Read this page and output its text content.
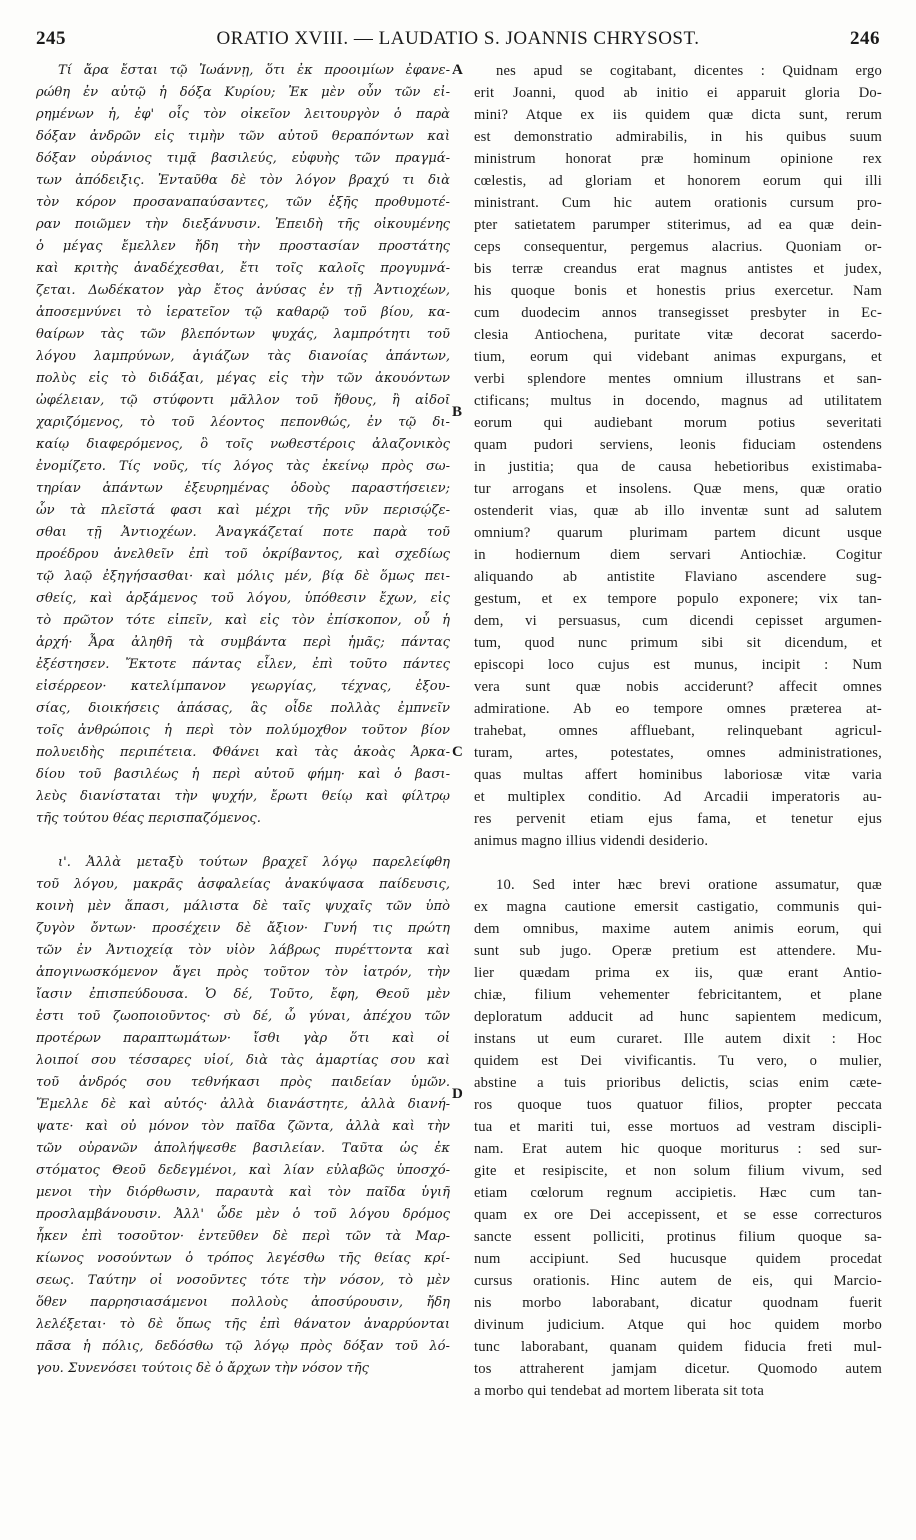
245	ORATIO XVIII. — LAUDATIO S. JOANNIS CHRYSOST.	246
Τί ἄρα ἔσται τῷ Ἰωάννῃ, ὅτι ἐκ προοιμίων ἐφανε-
ρώθη ἐν αὐτῷ ἡ δόξα Κυρίου; Ἐκ μὲν οὖν τῶν εἰ-
ρημένων ἡ, ἐφ' οἷς τὸν οἰκεῖον λειτουργὸν ὁ παρὰ
δόξαν ἀνδρῶν εἰς τιμὴν τῶν αὐτοῦ θεραπόντων καὶ
δόξαν οὐράνιος τιμᾷ βασιλεύς, εὐφυὴς τῶν πραγμά-
των ἀπόδειξις. Ἐνταῦθα δὲ τὸν λόγον βραχύ τι διὰ
τὸν κόρον προσαναπαύσαντες, τῶν ἑξῆς προθυμοτέ-
ραν ποιῶμεν τὴν διεξάνυσιν. Ἐπειδὴ τῆς οἰκουμένης
ὁ μέγας ἔμελλεν ἤδη τὴν προστασίαν προστάτης
καὶ κριτὴς ἀναδέχεσθαι, ἔτι τοῖς καλοῖς προγυμνά-
ζεται. Δωδέκατον γὰρ ἔτος ἀνύσας ἐν τῇ Ἀντιοχέων,
ἀποσεμνύνει τὸ ἱερατεῖον τῷ καθαρῷ τοῦ βίου, κα-
θαίρων τὰς τῶν βλεπόντων ψυχάς, λαμπρότητι τοῦ
λόγου λαμπρύνων, ἁγιάζων τὰς διανοίας ἁπάντων,
πολὺς εἰς τὸ διδάξαι, μέγας εἰς τὴν τῶν ἀκουόντων
ὠφέλειαν, τῷ στύφοντι μᾶλλον τοῦ ἤθους, ἢ αἰδοῖ
χαριζόμενος, τὸ τοῦ λέοντος πεπονθώς, ἐν τῷ δι-
καίῳ διαφερόμενος, ὃ τοῖς νωθεστέροις ἀλαζονικὸς
ἐνομίζετο. Τίς νοῦς, τίς λόγος τὰς ἐκείνῳ πρὸς σω-
τηρίαν ἁπάντων ἐξευρημένας ὁδοὺς παραστήσειεν;
ὧν τὰ πλεῖστά φασι καὶ μέχρι τῆς νῦν περισῴζε-
σθαι τῇ Ἀντιοχέων. Ἀναγκάζεταί ποτε παρὰ τοῦ
προέδρου ἀνελθεῖν ἐπὶ τοῦ ὀκρίβαντος, καὶ σχεδίως
τῷ λαῷ ἐξηγήσασθαι· καὶ μόλις μέν, βίᾳ δὲ ὅμως πει-
σθείς, καὶ ἀρξάμενος τοῦ λόγου, ὑπόθεσιν ἔχων, εἰς
τὸ πρῶτον τότε εἰπεῖν, καὶ εἰς τὸν ἐπίσκοπον, οὗ ἡ
ἀρχή· Ἆρα ἀληθῆ τὰ συμβάντα περὶ ἡμᾶς; πάντας
ἐξέστησεν. Ἔκτοτε πάντας εἷλεν, ἐπὶ τοῦτο πάντες
εἰσέρρεον· κατελίμπανον γεωργίας, τέχνας, ἐξου-
σίας, διοικήσεις ἁπάσας, ἃς οἶδε πολλὰς ἐμπνεῖν
τοῖς ἀνθρώποις ἡ περὶ τὸν πολύμοχθον τοῦτον βίον
πολυειδὴς περιπέτεια. Φθάνει καὶ τὰς ἀκοὰς Ἀρκα-
δίου τοῦ βασιλέως ἡ περὶ αὐτοῦ φήμη· καὶ ὁ βασι-
λεὺς διανίσταται τὴν ψυχήν, ἔρωτι θείῳ καὶ φίλτρῳ
τῆς τούτου θέας περισπαζόμενος.
ι'. Ἀλλὰ μεταξὺ τούτων βραχεῖ λόγῳ παρελείφθη
τοῦ λόγου, μακρᾶς ἀσφαλείας ἀνακύψασα παίδευσις,
κοινὴ μὲν ἅπασι, μάλιστα δὲ ταῖς ψυχαῖς τῶν ὑπὸ
ζυγὸν ὄντων· προσέχειν δὲ ἄξιον· Γυνή τις πρώτη
τῶν ἐν Ἀντιοχείᾳ τὸν υἱὸν λάβρως πυρέττοντα καὶ
ἀπογινωσκόμενον ἄγει πρὸς τοῦτον τὸν ἰατρόν, τὴν
ἴασιν ἐπισπεύδουσα. Ὁ δέ, Τοῦτο, ἔφη, Θεοῦ μὲν
ἐστι τοῦ ζωοποιοῦντος· σὺ δέ, ὦ γύναι, ἀπέχου τῶν
προτέρων παραπτωμάτων· ἴσθι γὰρ ὅτι καὶ οἱ
λοιποί σου τέσσαρες υἱοί, διὰ τὰς ἁμαρτίας σου καὶ
τοῦ ἀνδρός σου τεθνήκασι πρὸς παιδείαν ὑμῶν.
Ἔμελλε δὲ καὶ αὐτός· ἀλλὰ διανάστητε, ἀλλὰ διανή-
ψατε· καὶ οὐ μόνον τὸν παῖδα ζῶντα, ἀλλὰ καὶ τὴν
τῶν οὐρανῶν ἀπολήψεσθε βασιλείαν. Ταῦτα ὡς ἐκ
στόματος Θεοῦ δεδεγμένοι, καὶ λίαν εὐλαβῶς ὑποσχό-
μενοι τὴν διόρθωσιν, παραυτὰ καὶ τὸν παῖδα ὑγιῆ
προσλαμβάνουσιν. Ἀλλ' ὧδε μὲν ὁ τοῦ λόγου δρόμος
ἧκεν ἐπὶ τοσοῦτον· ἐντεῦθεν δὲ περὶ τῶν τὰ Μαρ-
κίωνος νοσούντων ὁ τρόπος λεγέσθω τῆς θείας κρί-
σεως. Ταύτην οἱ νοσοῦντες τότε τὴν νόσον, τὸ μὲν
ὅθεν παρρησιασάμενοι πολλοὺς ἀποσύρουσιν, ἤδη
λελέξεται· τὸ δὲ ὅπως τῆς ἐπὶ θάνατον ἀναρρύονται
πᾶσα ἡ πόλις, δεδόσθω τῷ λόγῳ πρὸς δόξαν τοῦ λό-
γου. Συνενόσει τούτοις δὲ ὁ ἄρχων τὴν νόσον τῆς
nes apud se cogitabant, dicentes : Quidnam ergo
erit Joanni, quod ab initio ei apparuit gloria Do-
mini? Atque ex iis quidem quæ dicta sunt, rerum
est demonstratio admirabilis, in his quibus suum
ministrum honorat præ hominum opinione rex
cœlestis, ad gloriam et honorem eorum qui illi
ministrant. Cum hic autem orationis cursum pro-
pter satietatem parumper stiterimus, ad ea quæ dein-
ceps consequentur, pergemus alacrius. Quoniam or-
bis terræ creandus erat magnus antistes et judex,
his quoque bonis et honestis prius exercetur. Nam
cum duodecim annos transegisset presbyter in Ec-
clesia Antiochena, puritate vitæ decorat sacerdo-
tium, eorum qui videbant animas expurgans, et
verbi splendore mentes omnium illustrans et san-
ctificans; multus in docendo, magnus ad utilitatem
eorum qui audiebant morum potius severitati
quam pudori serviens, leonis fiduciam ostendens
in justitia; qua de causa hebetioribus existimaba-
tur arrogans et insolens. Quæ mens, quæ oratio
ostenderit vias, quæ ab illo inventæ sunt ad salutem
omnium? quarum plurimam partem dicunt usque
in hodiernum diem servari Antiochiæ. Cogitur
aliquando ab antistite Flaviano ascendere sug-
gestum, et ex tempore populo exponere; vix tan-
dem, vi persuasus, cum dicendi cepisset argumen-
tum, quod nunc primum sibi sit dicendum, et
episcopi loco cujus est munus, incipit : Num
vera sunt quæ nobis acciderunt? affecit omnes
admiratione. Ab eo tempore omnes præterea at-
trahebat, omnes affluebant, relinquebant agricul-
turam, artes, potestates, omnes administrationes,
quas multas affert hominibus laboriosæ vitæ varia
et multiplex conditio. Ad Arcadii imperatoris au-
res pervenit etiam ejus fama, et tenetur ejus
animus magno illius videndi desiderio.
10. Sed inter hæc brevi oratione assumatur, quæ
ex magna cautione emersit castigatio, communis qui-
dem omnibus, maxime autem animis eorum, qui
sunt sub jugo. Operæ pretium est attendere. Mu-
lier quædam prima ex iis, quæ erant Antio-
chiæ, filium vehementer febricitantem, et plane
deploratum adducit ad hunc sapientem medicum,
instans ut eum curaret. Ille autem dixit : Hoc
quidem est Dei vivificantis. Tu vero, o mulier,
abstine a tuis prioribus delictis, scias enim cæte-
ros quoque tuos quatuor filios, propter peccata
tua et mariti tui, esse mortuos ad vestram discipli-
nam. Erat autem hic quoque moriturus : sed sur-
gite et resipiscite, et non solum filium vivum, sed
etiam cœlorum regnum accipietis. Hæc cum tan-
quam ex ore Dei accepissent, et se esse correcturos
sancte essent polliciti, protinus filium quoque sa-
num accipiunt. Sed hucusque quidem procedat
cursus orationis. Hinc autem de eis, qui Marcio-
nis morbo laborabant, dicatur quodnam fuerit
divinum judicium. Atque qui hoc quidem morbo
tunc laborabant, quanam quidem fiducia freti mul-
tos attraherent jamjam dicetur. Quomodo autem
a morbo qui tendebat ad mortem liberata sit tota
A
B
C
D
